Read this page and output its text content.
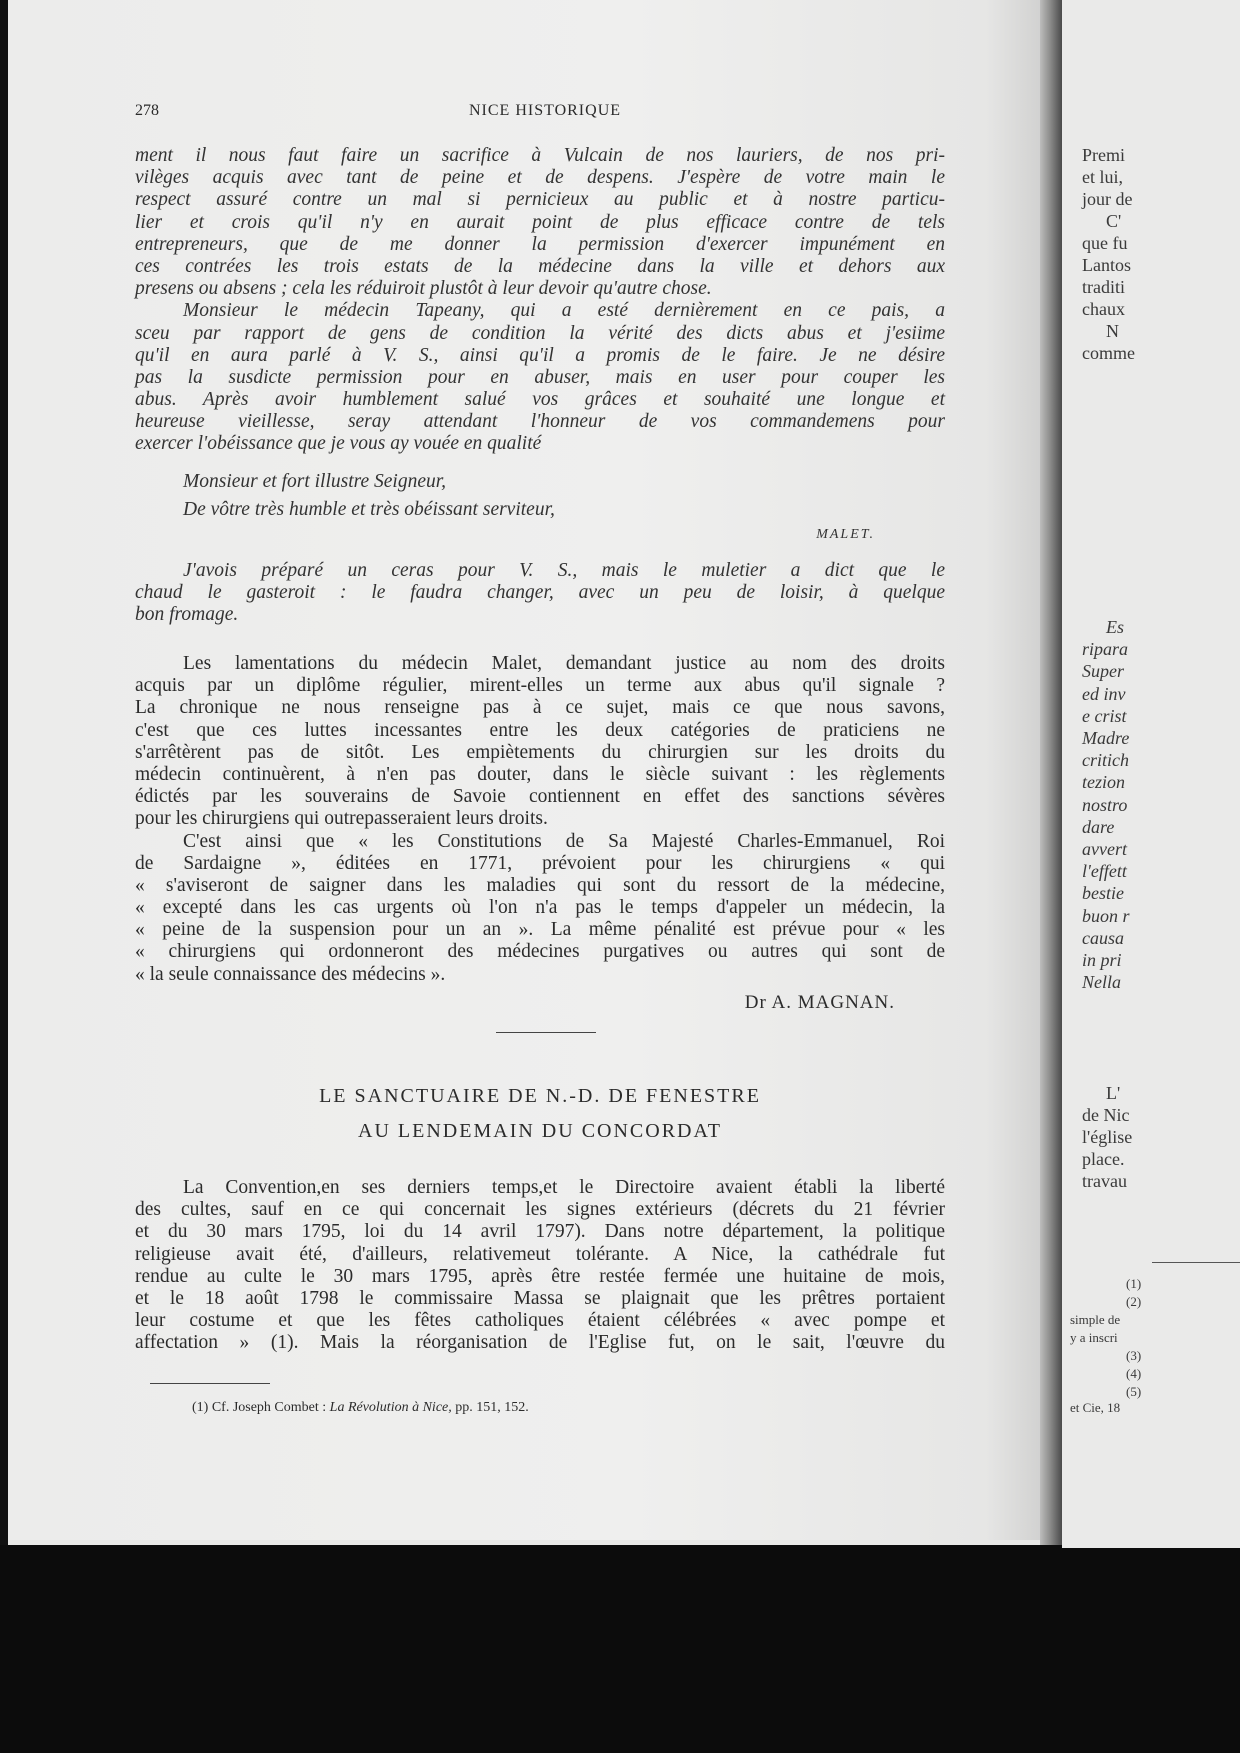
278	NICE HISTORIQUE
ment il nous faut faire un sacrifice à Vulcain de nos lauriers, de nos pri-
vilèges acquis avec tant de peine et de despens. J'espère de votre main le
respect assuré contre un mal si pernicieux au public et à nostre particu-
lier et crois qu'il n'y en aurait point de plus efficace contre de tels
entrepreneurs, que de me donner la permission d'exercer impunément en
ces contrées les trois estats de la médecine dans la ville et dehors aux
presens ou absens ; cela les réduiroit plustôt à leur devoir qu'autre chose.
Monsieur le médecin Tapeany, qui a esté dernièrement en ce pais, a
sceu par rapport de gens de condition la vérité des dicts abus et j'esiime
qu'il en aura parlé à V. S., ainsi qu'il a promis de le faire. Je ne désire
pas la susdicte permission pour en abuser, mais en user pour couper les
abus. Après avoir humblement salué vos grâces et souhaité une longue et
heureuse vieillesse, seray attendant l'honneur de vos commandemens pour
exercer l'obéissance que je vous ay vouée en qualité
Monsieur et fort illustre Seigneur,
De vôtre très humble et très obéissant serviteur,
MALET.
J'avois préparé un ceras pour V. S., mais le muletier a dict que le
chaud le gasteroit : le faudra changer, avec un peu de loisir, à quelque
bon fromage.
Les lamentations du médecin Malet, demandant justice au nom des droits
acquis par un diplôme régulier, mirent-elles un terme aux abus qu'il signale ?
La chronique ne nous renseigne pas à ce sujet, mais ce que nous savons,
c'est que ces luttes incessantes entre les deux catégories de praticiens ne
s'arrêtèrent pas de sitôt. Les empiètements du chirurgien sur les droits du
médecin continuèrent, à n'en pas douter, dans le siècle suivant : les règlements
édictés par les souverains de Savoie contiennent en effet des sanctions sévères
pour les chirurgiens qui outrepasseraient leurs droits.
C'est ainsi que « les Constitutions de Sa Majesté Charles-Emmanuel, Roi
de Sardaigne », éditées en 1771, prévoient pour les chirurgiens « qui
« s'aviseront de saigner dans les maladies qui sont du ressort de la médecine,
« excepté dans les cas urgents où l'on n'a pas le temps d'appeler un médecin, la
« peine de la suspension pour un an ». La même pénalité est prévue pour « les
« chirurgiens qui ordonneront des médecines purgatives ou autres qui sont de
« la seule connaissance des médecins ».
Dr A. MAGNAN.
LE SANCTUAIRE DE N.-D. DE FENESTRE
AU LENDEMAIN DU CONCORDAT
La Convention,en ses derniers temps,et le Directoire avaient établi la liberté
des cultes, sauf en ce qui concernait les signes extérieurs (décrets du 21 février
et du 30 mars 1795, loi du 14 avril 1797). Dans notre département, la politique
religieuse avait été, d'ailleurs, relativemeut tolérante. A Nice, la cathédrale fut
rendue au culte le 30 mars 1795, après être restée fermée une huitaine de mois,
et le 18 août 1798 le commissaire Massa se plaignait que les prêtres portaient
leur costume et que les fêtes catholiques étaient célébrées « avec pompe et
affectation » (1). Mais la réorganisation de l'Eglise fut, on le sait, l'œuvre du
(1) Cf. Joseph Combet : La Révolution à Nice, pp. 151, 152.
Premi
et lui,
jour de
C'
que fu
Lantos
traditi
chaux
N
comme
Es
ripara
Super
ed inv
e crist
Madre
critich
tezion
nostro
dare
avvert
l'effett
bestie
buon r
causa
in pri
Nella
L'
de Nic
l'église
place.
travau
(1)
(2)
simple de
y a inscri
(3)
(4)
(5)
et Cie, 18
